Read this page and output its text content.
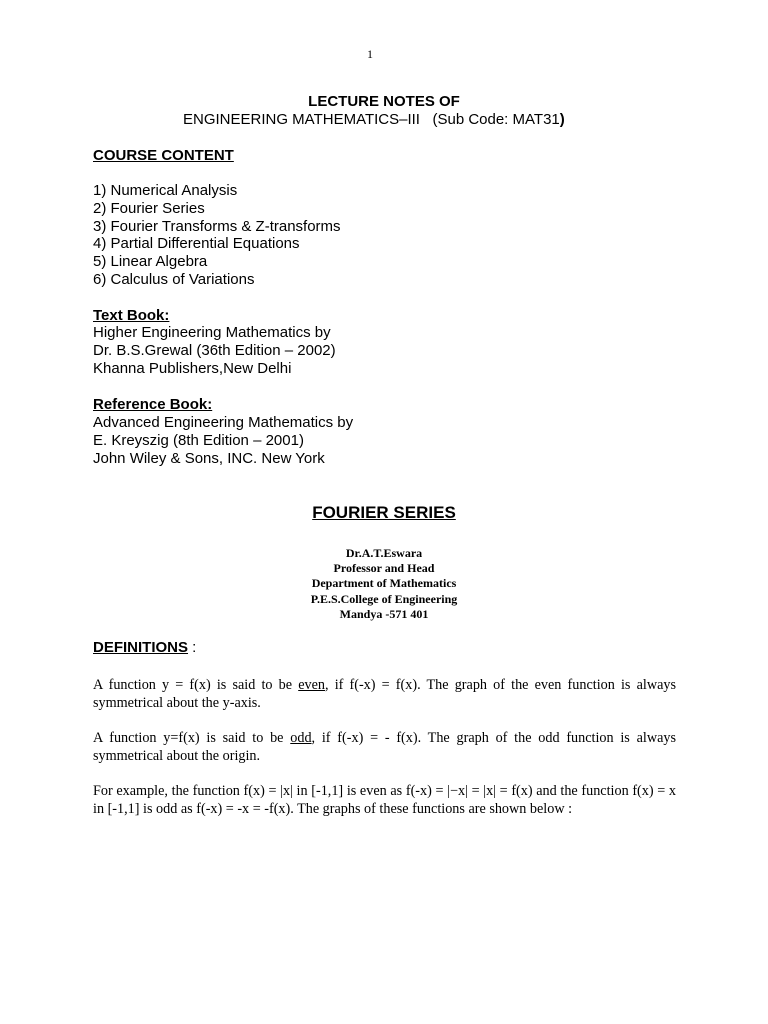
1
LECTURE NOTES OF
ENGINEERING MATHEMATICS–III   (Sub Code: MAT31)
COURSE CONTENT
1) Numerical Analysis
2) Fourier Series
3) Fourier Transforms & Z-transforms
4) Partial Differential Equations
5) Linear Algebra
6) Calculus of Variations
Text Book:
Higher Engineering Mathematics by
Dr. B.S.Grewal (36th Edition – 2002)
Khanna Publishers,New Delhi
Reference Book:
Advanced Engineering Mathematics by
E. Kreyszig (8th Edition – 2001)
John Wiley & Sons, INC. New York
FOURIER SERIES
Dr.A.T.Eswara
Professor and Head
Department of Mathematics
P.E.S.College of Engineering
Mandya -571 401
DEFINITIONS :
A function y = f(x) is said to be even, if f(-x) = f(x). The graph of the even function is always symmetrical about the y-axis.
A function y=f(x) is said to be odd, if f(-x) = - f(x). The graph of the odd function is always symmetrical about the origin.
For example, the function f(x) = |x| in [-1,1] is even as f(-x) = |−x| = |x| = f(x) and the function f(x) = x in [-1,1] is odd as f(-x) = -x = -f(x). The graphs of these functions are shown below :
